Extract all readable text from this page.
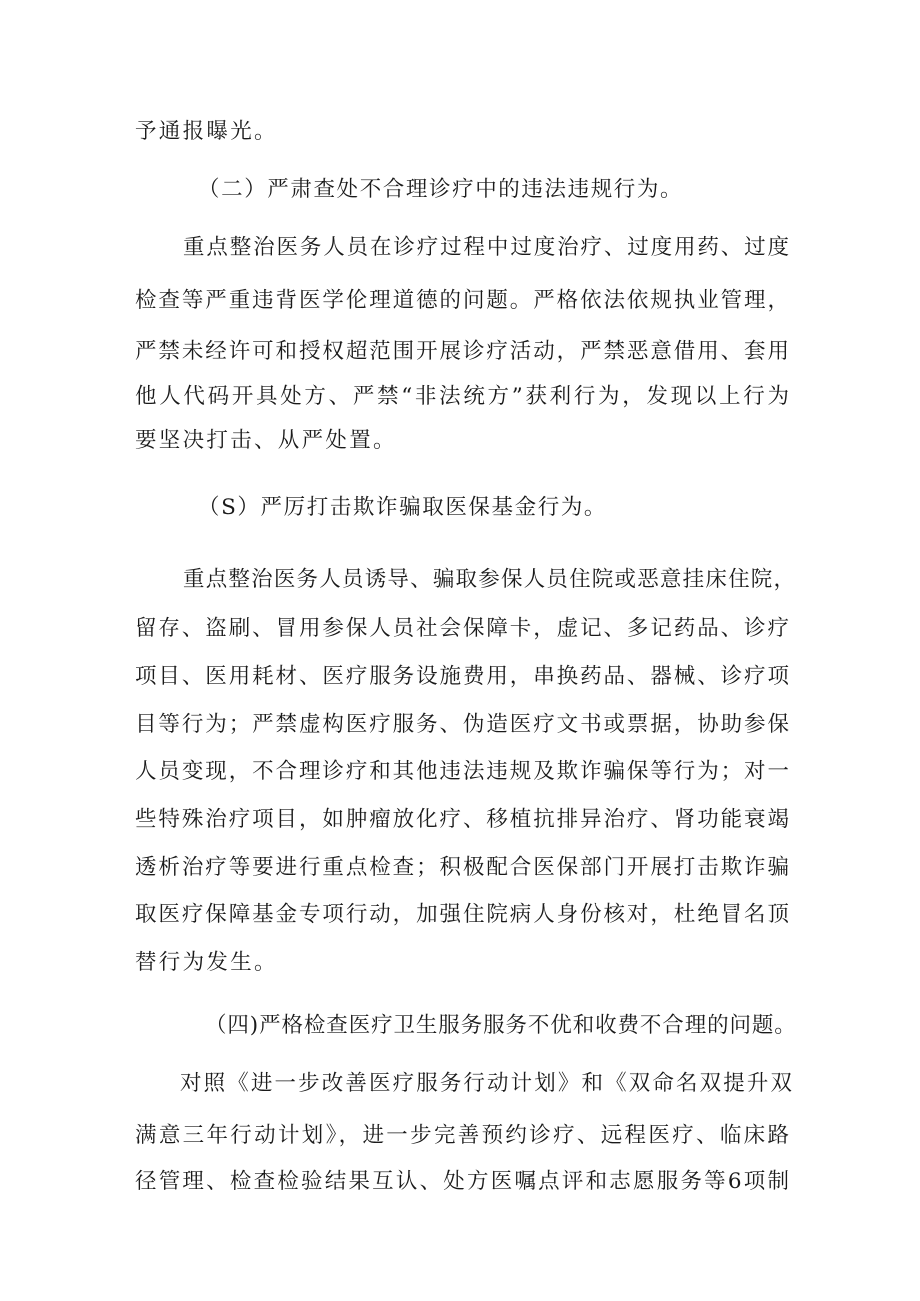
予通报曝光。
（二）严肃查处不合理诊疗中的违法违规行为。
重点整治医务人员在诊疗过程中过度治疗、过度用药、过度
检查等严重违背医学伦理道德的问题。严格依法依规执业管理，
严禁未经许可和授权超范围开展诊疗活动，严禁恶意借用、套用
他人代码开具处方、严禁“非法统方”获利行为，发现以上行为
要坚决打击、从严处置。
（S）严厉打击欺诈骗取医保基金行为。
重点整治医务人员诱导、骗取参保人员住院或恶意挂床住院，
留存、盗刷、冒用参保人员社会保障卡，虚记、多记药品、诊疗
项目、医用耗材、医疗服务设施费用，串换药品、器械、诊疗项
目等行为；严禁虚构医疗服务、伪造医疗文书或票据，协助参保
人员变现，不合理诊疗和其他违法违规及欺诈骗保等行为；对一
些特殊治疗项目，如肿瘤放化疗、移植抗排异治疗、肾功能衰竭
透析治疗等要进行重点检查；积极配合医保部门开展打击欺诈骗
取医疗保障基金专项行动，加强住院病人身份核对，杜绝冒名顶
替行为发生。
（四)严格检查医疗卫生服务服务不优和收费不合理的问题。
对照《进一步改善医疗服务行动计划》和《双命名双提升双
满意三年行动计划》，进一步完善预约诊疗、远程医疗、临床路
径管理、检查检验结果互认、处方医嘱点评和志愿服务等6项制
